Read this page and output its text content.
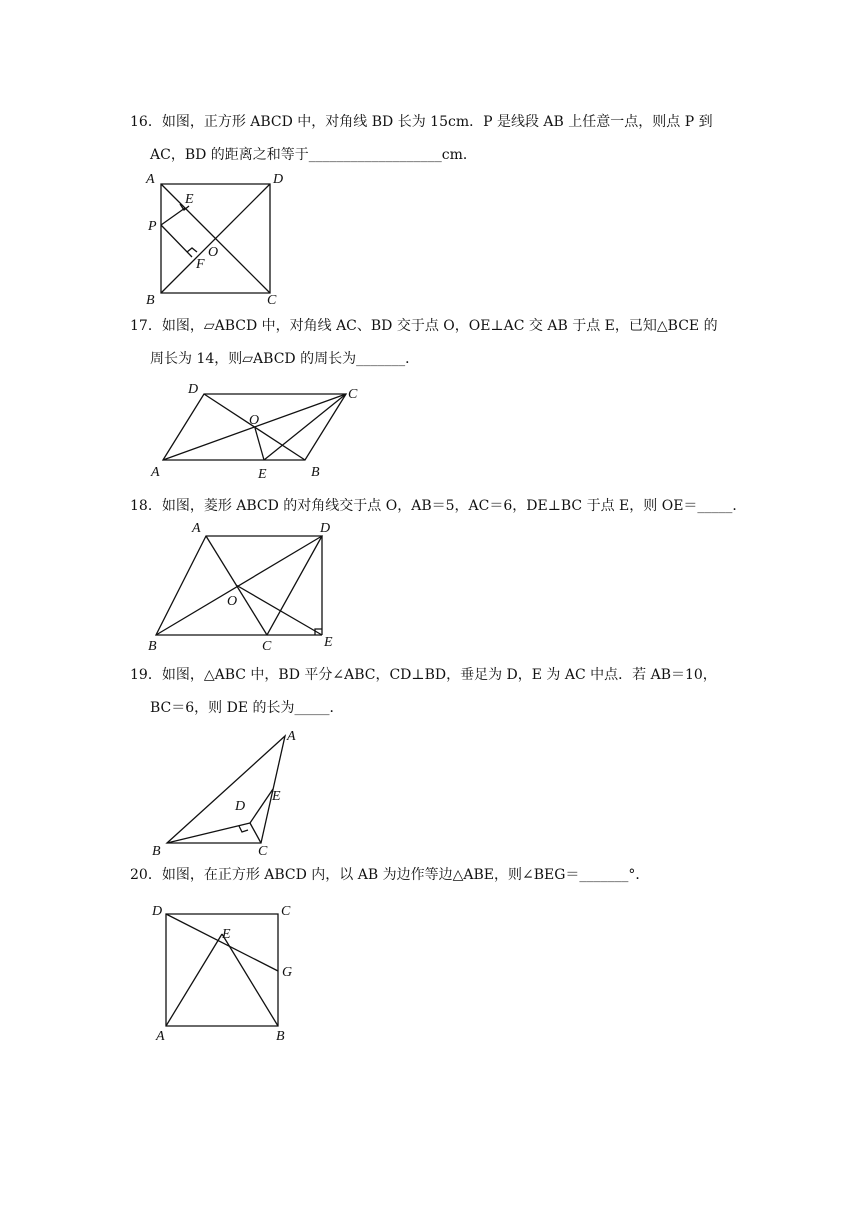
16．如图，正方形 ABCD 中，对角线 BD 长为 15cm．P 是线段 AB 上任意一点，则点 P 到
AC，BD 的距离之和等于___________________cm．
A	D
B	C
E
P
O
F
17．如图，▱ABCD 中，对角线 AC、BD 交于点 O，OE⊥AC 交 AB 于点 E，已知△BCE 的
周长为 14，则▱ABCD 的周长为_______．
D	C
O
A	E	B
18．如图，菱形 ABCD 的对角线交于点 O，AB＝5，AC＝6，DE⊥BC 于点 E，则 OE＝_____．
A	D
O
B	C	E
19．如图，△ABC 中，BD 平分∠ABC，CD⊥BD，垂足为 D，E 为 AC 中点．若 AB＝10，
BC＝6，则 DE 的长为_____．
A
E
D
B	C
20．如图，在正方形 ABCD 内，以 AB 为边作等边△ABE，则∠BEG＝_______°．
D	C
E
G
A	B
